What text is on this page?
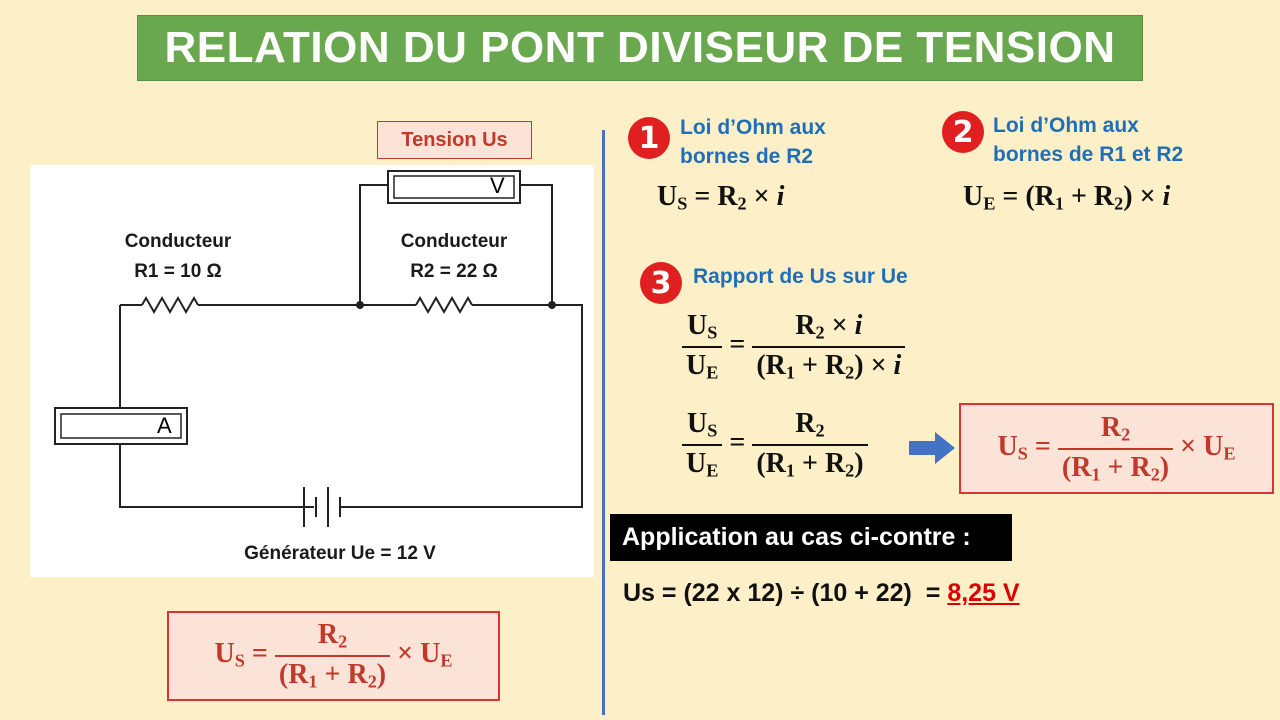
RELATION DU PONT DIVISEUR DE TENSION
V
A
Conducteur
R1 = 10 Ω
Conducteur
R2 = 22 Ω
Générateur Ue = 12 V
Tension Us
$U_S = \frac{R_2}{(R_1 + R_2)} \times U_E$
1 Loi d’Ohm aux
bornes de R2
$U_S = R_2 \times i$
2 Loi d’Ohm aux
bornes de R1 et R2
$U_E = (R_1 + R_2) \times i$
3	Rapport de Us sur Ue
$\frac{U_S}{U_E} = \frac{R_2 \times i}{(R_1 + R_2) \times i}$
$\frac{U_S}{U_E} = \frac{R_2}{(R_1 + R_2)}$	$U_S = \frac{R_2}{(R_1 + R_2)} \times U_E$
Application au cas ci-contre :
Us = (22 x 12) ÷ (10 + 22)  = 8,25 V
